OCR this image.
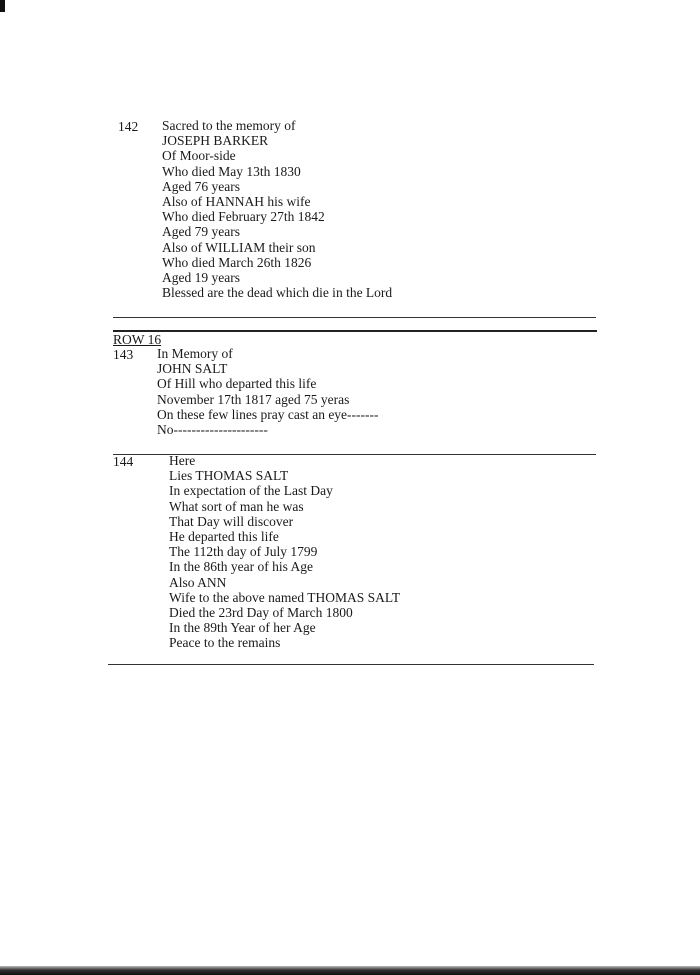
142 Sacred to the memory of
JOSEPH BARKER
Of Moor-side
Who died May 13th 1830
Aged 76 years
Also of HANNAH his wife
Who died February 27th 1842
Aged 79 years
Also of WILLIAM their son
Who died March 26th 1826
Aged 19 years
Blessed are the dead which die in the Lord
ROW 16
143 In Memory of
JOHN SALT
Of Hill who departed this life
November 17th 1817 aged 75 yeras
On these few lines pray cast an eye-------
No---------------------
144	Here
Lies THOMAS SALT
In expectation of the Last Day
What sort of man he was
That Day will discover
He departed this life
The 112th day of July 1799
In the 86th year of his Age
Also ANN
Wife to the above named THOMAS SALT
Died the 23rd Day of March 1800
In the 89th Year of her Age
Peace to the remains
